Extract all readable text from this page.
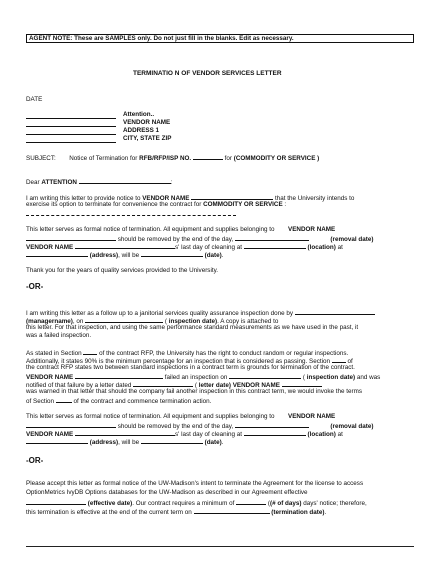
AGENT NOTE: These are SAMPLES only. Do not just fill in the blanks. Edit as necessary.
TERMINATIO N OF VENDOR SERVICES LETTER
DATE
Attention..
VENDOR NAME
ADDRESS 1
CITY, STATE ZIP
SUBJECT: Notice of Termination for RFB/RFP/ISP NO.	for (COMMODITY OR SERVICE )
Dear ATTENTION	:
I am writing this letter to provide notice to VENDOR NAME	that the University intends to
exercise its option to terminate for convenience the contract for COMMODITY OR SERVICE :
This letter serves as formal notice of termination. All equipment and supplies belonging to VENDOR NAME
should be removed by the end of the day,	(removal date)
VENDOR NAME	s' last day of cleaning at	(location) at
(address), will be	(date).
Thank you for the years of quality services provided to the University.
-OR-
I am writing this letter as a follow up to a janitorial services quality assurance inspection done by
(managername), on	( inspection date). A copy is attached to
this letter. For that inspection, and using the same performance standard measurements as we have used in the past, it
was a failed inspection.
As stated in Section	of the contract RFP, the University has the right to conduct random or regular inspections.
Additionally, it states 90% is the minimum percentage for an inspection that is considered as passing. Section	of
the contract RFP states two between standard inspections in a contract term is grounds for termination of the contract.
VENDOR NAME	failed an inspection on	( inspection date) and was
notified of that failure by a letter dated	( letter date) VENDOR NAME
was warned in that letter that should the company fail another inspection in this contract term, we would invoke the terms
of Section	of the contract and commence termination action.
This letter serves as formal notice of termination. All equipment and supplies belonging to VENDOR NAME
should be removed by the end of the day,	(removal date)
VENDOR NAME	s' last day of cleaning at	(location) at
(address), will be	(date).
-OR-
Please accept this letter as formal notice of the UW-Madison's intent to terminate the Agreement for the license to access
OptionMetrics IvyDB Options databases for the UW-Madison as described in our Agreement effective
(effective date). Our contract requires a minimum of	((# of days) days' notice; therefore,
this termination is effective at the end of the current term on	(termination date).
